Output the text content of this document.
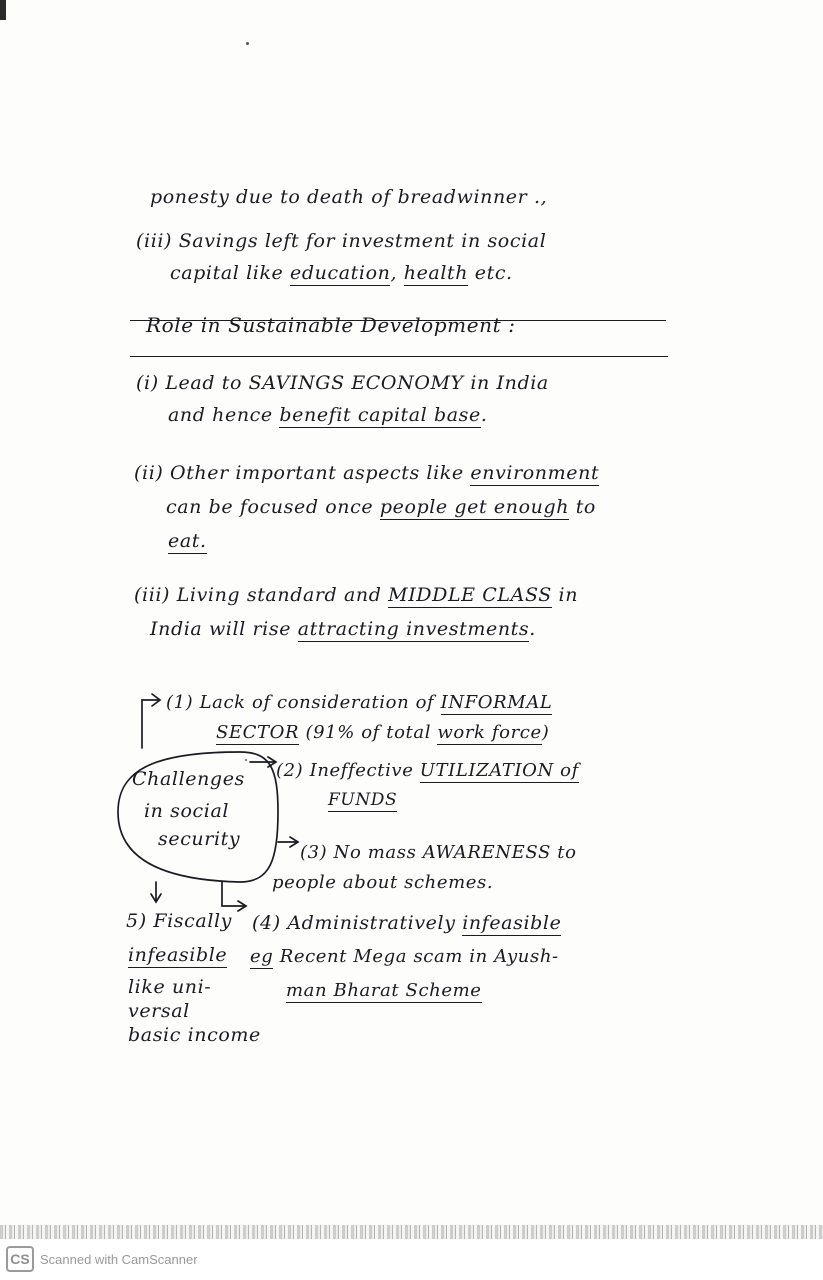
ponesty due to death of breadwinner .,
(iii) Savings left for investment in social
capital like education, health etc.
Role in Sustainable Development :
(i) Lead to SAVINGS ECONOMY in India
and hence benefit capital base.
(ii) Other important aspects like environment
can be focused once people get enough to
eat.
(iii) Living standard and MIDDLE CLASS in
India will rise attracting investments.
Challenges
in social
security
(1) Lack of consideration of INFORMAL
SECTOR (91% of total work force)
(2) Ineffective UTILIZATION of
FUNDS
(3) No mass AWARENESS to
people about schemes.
(4) Administratively infeasible
eg Recent Mega scam in Ayush-
man Bharat Scheme
5) Fiscally
infeasible
like uni-
versal
basic income
CS Scanned with CamScanner
